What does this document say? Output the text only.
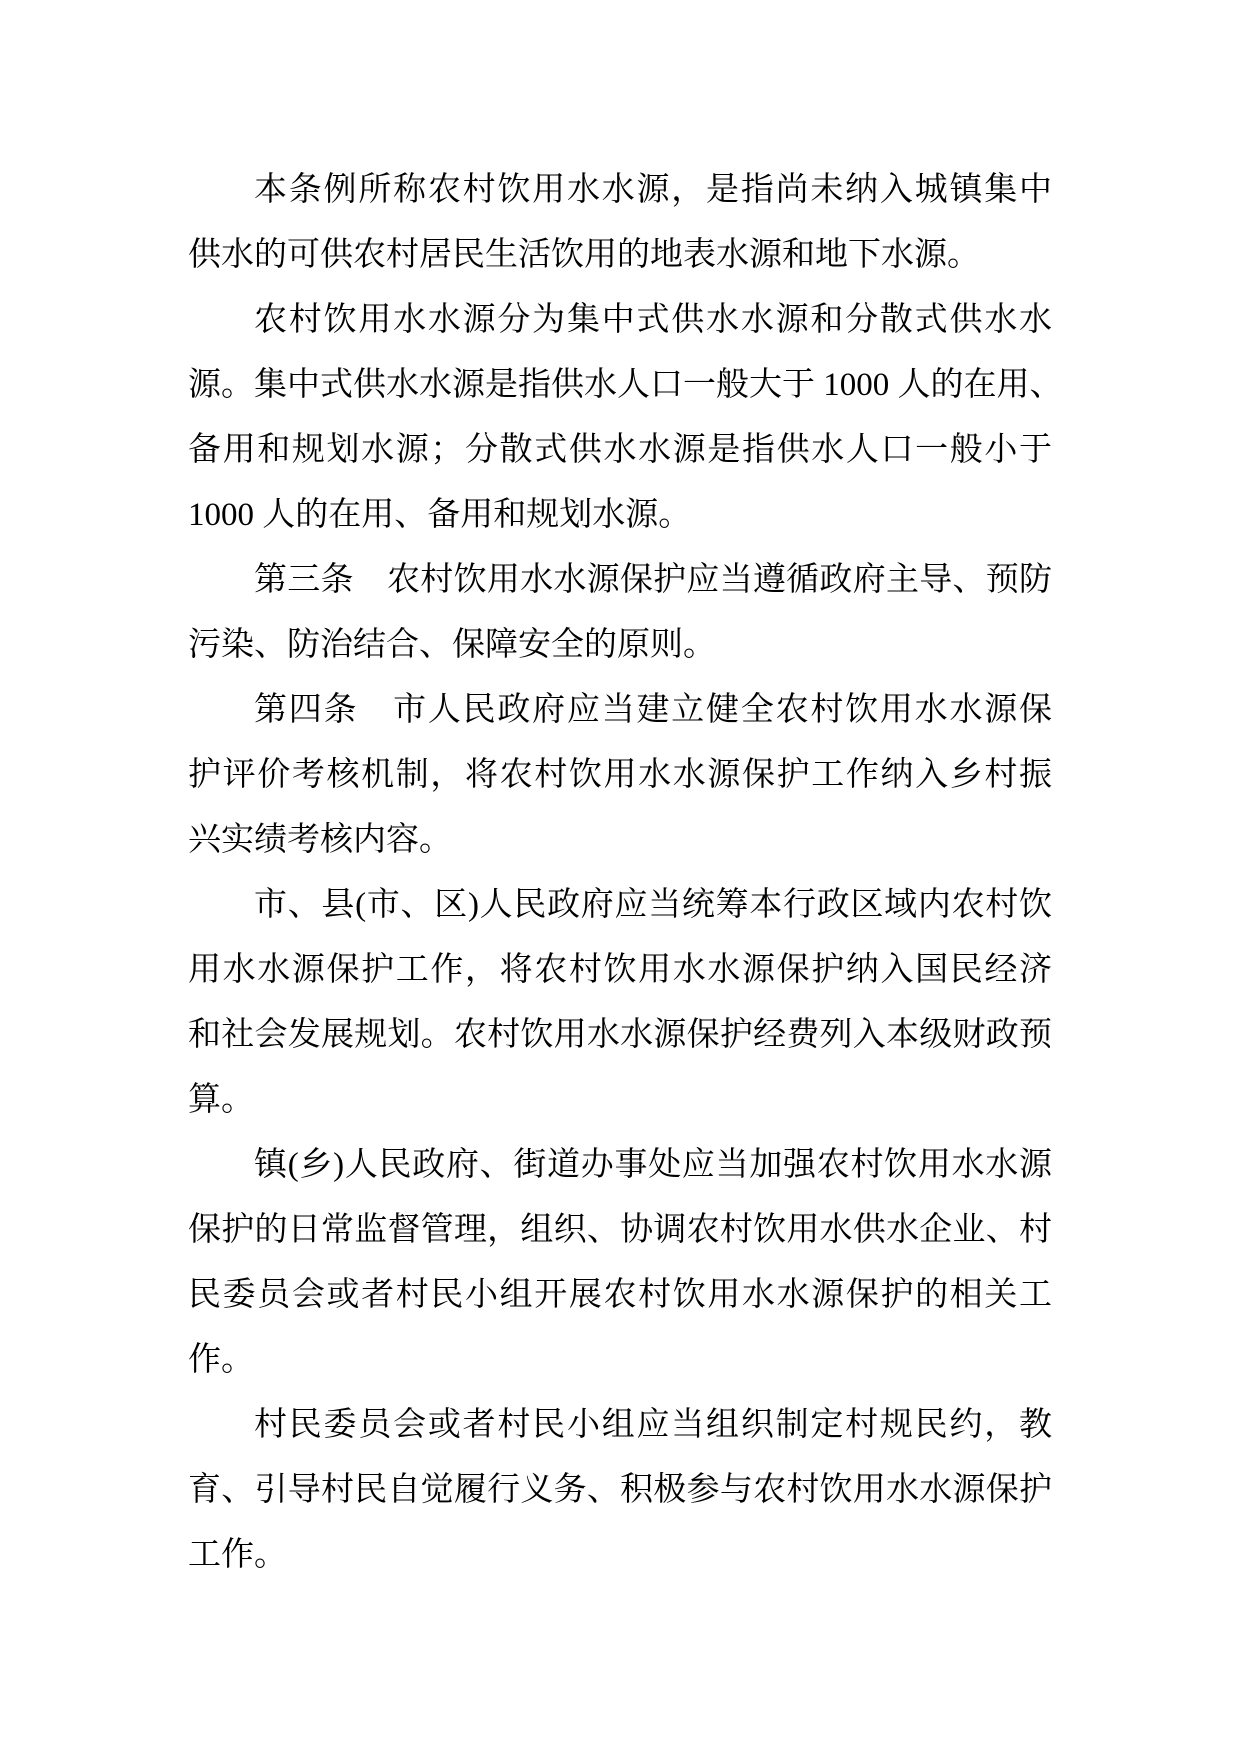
本条例所称农村饮用水水源，是指尚未纳入城镇集中
供水的可供农村居民生活饮用的地表水源和地下水源。
农村饮用水水源分为集中式供水水源和分散式供水水
源。集中式供水水源是指供水人口一般大于 1000 人的在用、
备用和规划水源；分散式供水水源是指供水人口一般小于
1000 人的在用、备用和规划水源。
第三条　农村饮用水水源保护应当遵循政府主导、预防
污染、防治结合、保障安全的原则。
第四条　市人民政府应当建立健全农村饮用水水源保
护评价考核机制，将农村饮用水水源保护工作纳入乡村振
兴实绩考核内容。
市、县(市、区)人民政府应当统筹本行政区域内农村饮
用水水源保护工作，将农村饮用水水源保护纳入国民经济
和社会发展规划。农村饮用水水源保护经费列入本级财政预
算。
镇(乡)人民政府、街道办事处应当加强农村饮用水水源
保护的日常监督管理，组织、协调农村饮用水供水企业、村
民委员会或者村民小组开展农村饮用水水源保护的相关工
作。
村民委员会或者村民小组应当组织制定村规民约，教
育、引导村民自觉履行义务、积极参与农村饮用水水源保护
工作。
